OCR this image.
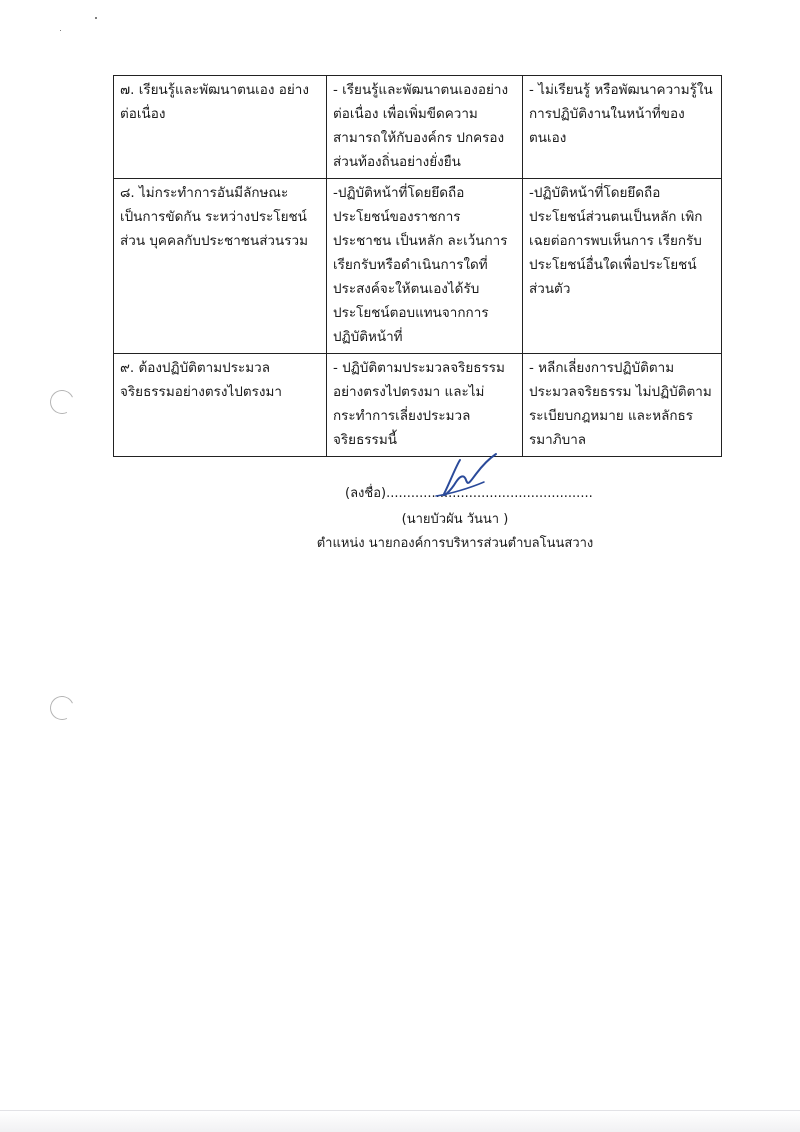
๗. เรียนรู้และพัฒนาตนเอง อย่างต่อเนื่อง	- เรียนรู้และพัฒนาตนเองอย่างต่อเนื่อง เพื่อเพิ่มขีดความสามารถให้กับองค์กร ปกครองส่วนท้องถิ่นอย่างยั่งยืน	- ไม่เรียนรู้ หรือพัฒนาความรู้ในการปฏิบัติงานในหน้าที่ของตนเอง
๘. ไม่กระทำการอันมีลักษณะเป็นการขัดกัน ระหว่างประโยชน์ส่วน บุคคลกับประชาชนส่วนรวม	-ปฏิบัติหน้าที่โดยยึดถือประโยชน์ของราชการ ประชาชน เป็นหลัก ละเว้นการเรียกรับหรือดำเนินการใดที่ประสงค์จะให้ตนเองได้รับประโยชน์ตอบแทนจากการปฏิบัติหน้าที่	-ปฏิบัติหน้าที่โดยยึดถือประโยชน์ส่วนตนเป็นหลัก เพิกเฉยต่อการพบเห็นการ เรียกรับประโยชน์อื่นใดเพื่อประโยชน์ ส่วนตัว
๙. ต้องปฏิบัติตามประมวลจริยธรรมอย่างตรงไปตรงมา	- ปฏิบัติตามประมวลจริยธรรมอย่างตรงไปตรงมา และไม่กระทำการเลี่ยงประมวลจริยธรรมนี้	- หลีกเลี่ยงการปฏิบัติตามประมวลจริยธรรม ไม่ปฏิบัติตามระเบียบกฎหมาย และหลักธรรมาภิบาล
(ลงชื่อ)..................................................
(นายบัวผัน วันนา )
ตำแหน่ง นายกองค์การบริหารส่วนตำบลโนนสวาง
